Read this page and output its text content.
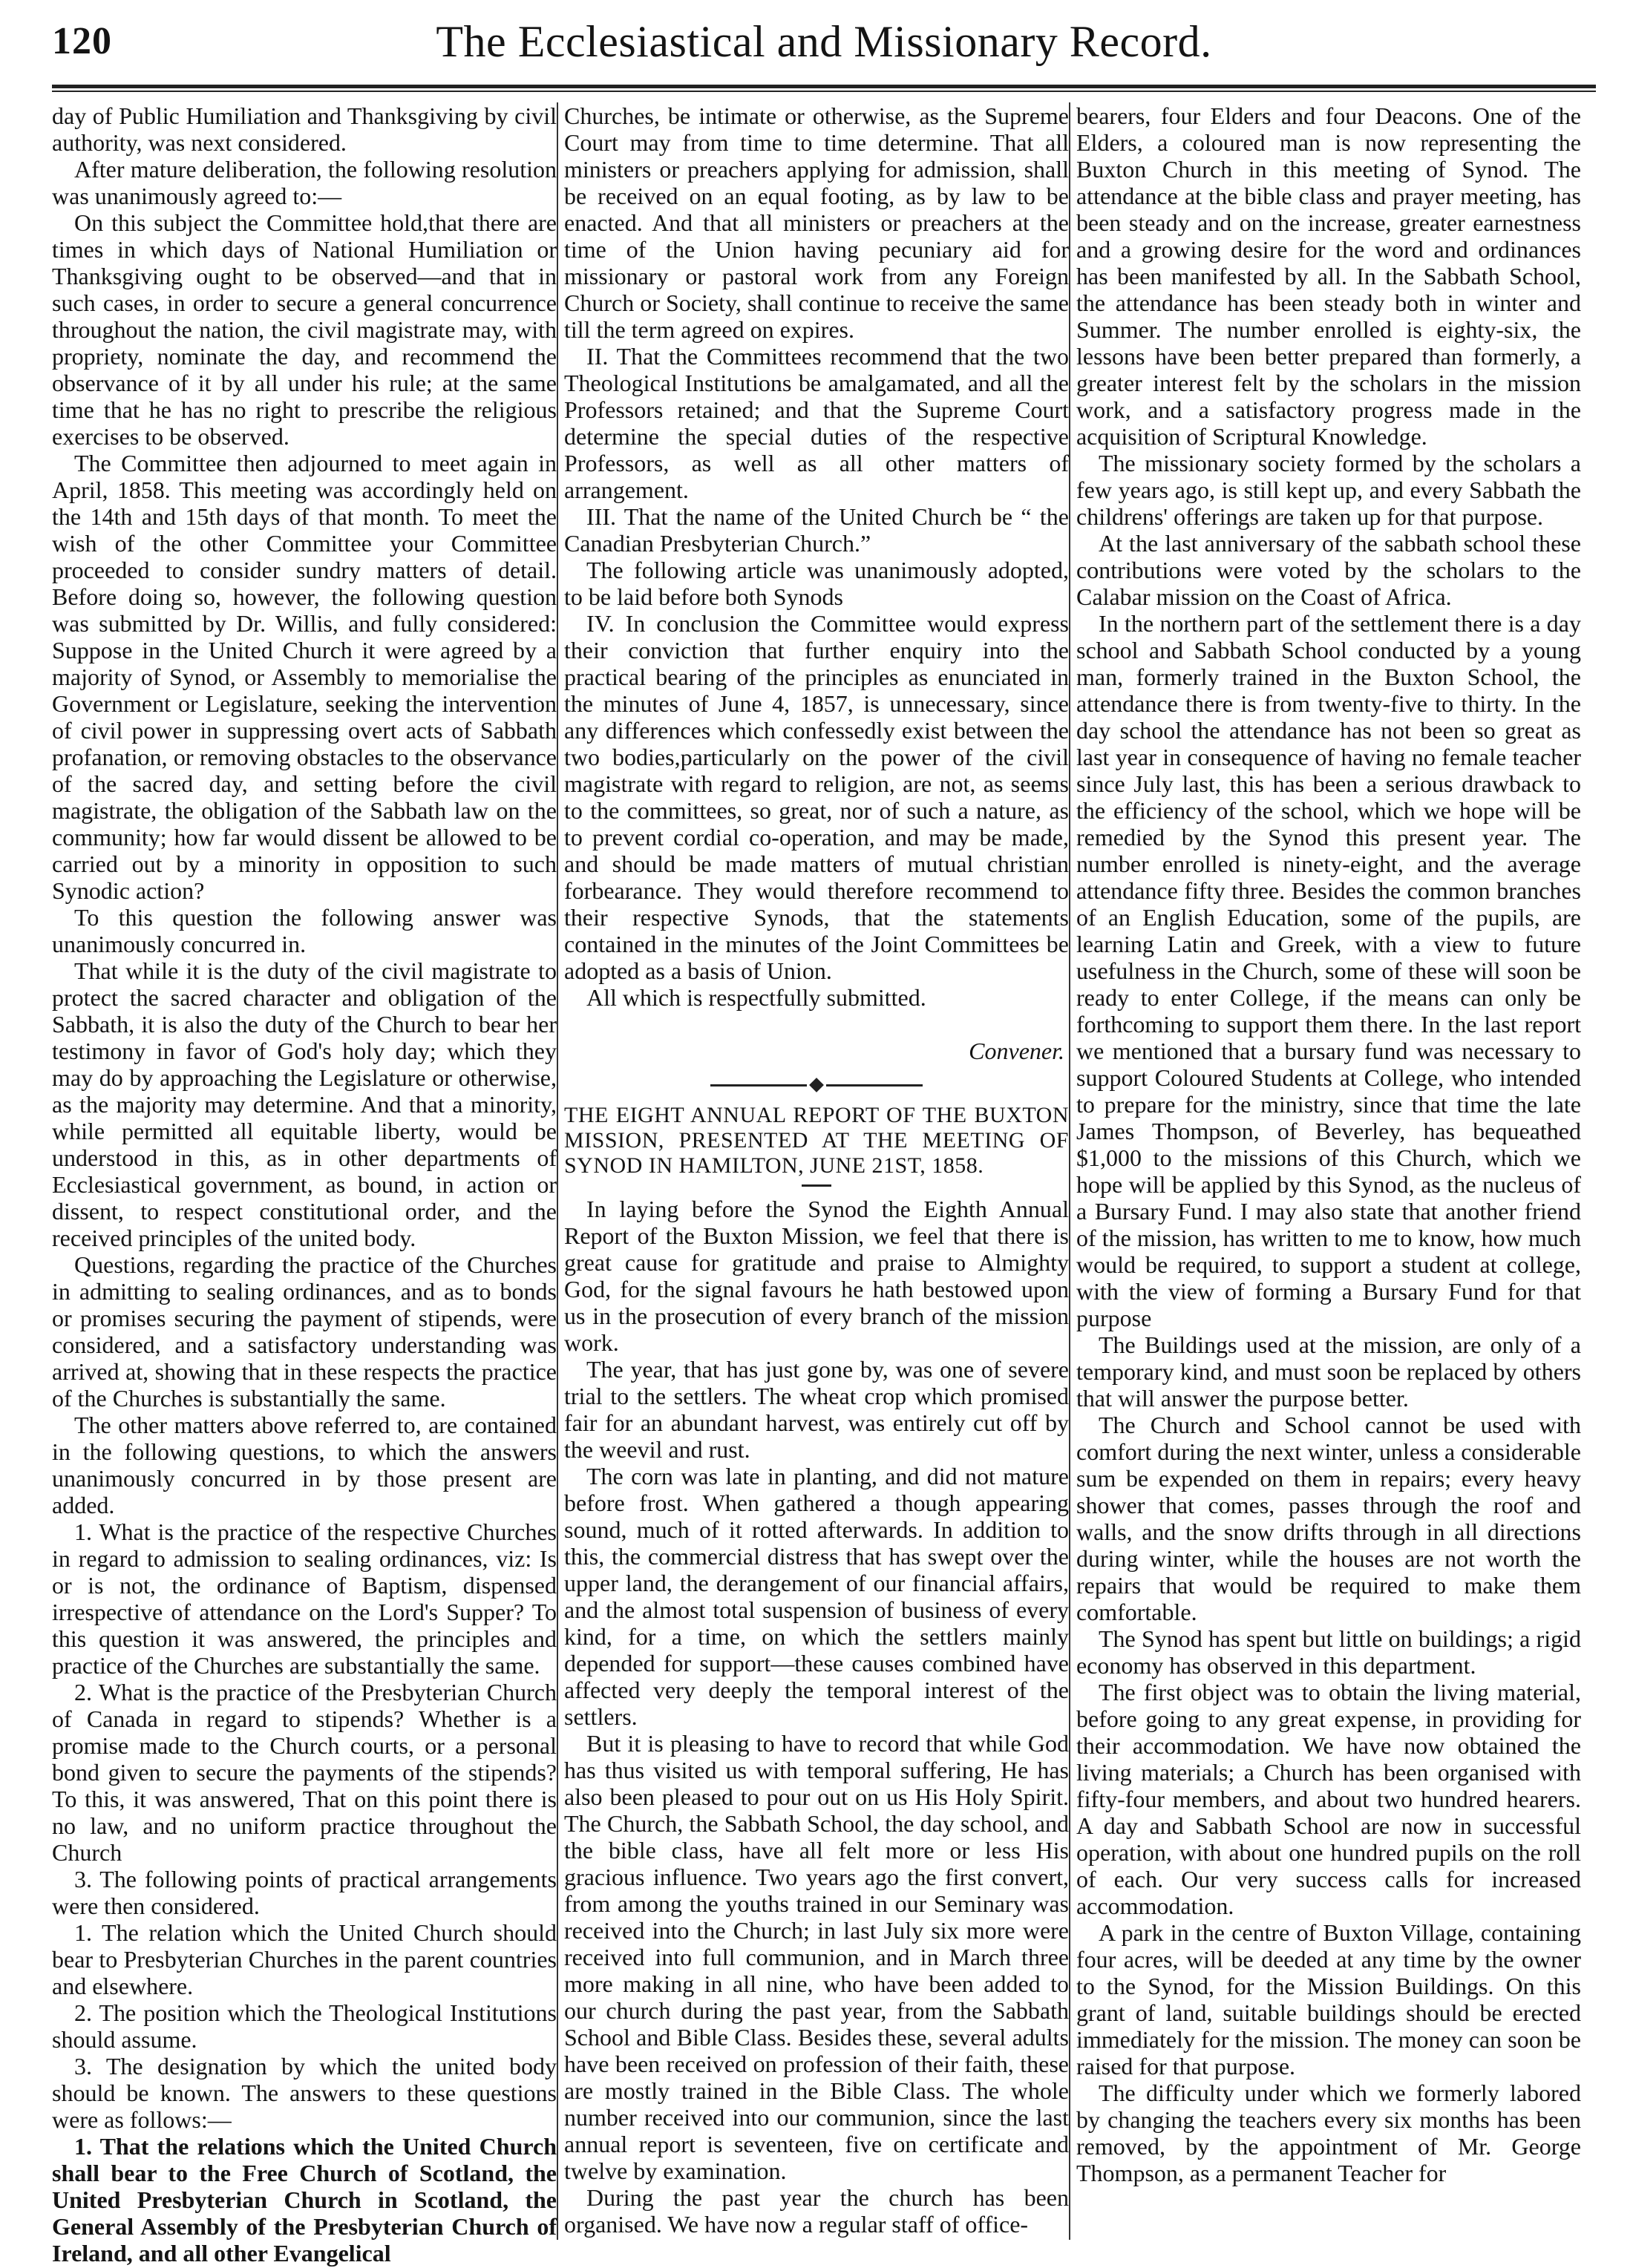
120	The Ecclesiastical and Missionary Record.

day of Public Humiliation and Thanksgiving by civil authority, was next considered.

After mature deliberation, the following resolution was unanimously agreed to:—

On this subject the Committee hold,that there are times in which days of National Humiliation or Thanksgiving ought to be observed—and that in such cases, in order to secure a general concurrence throughout the nation, the civil magistrate may, with propriety, nominate the day, and recommend the observance of it by all under his rule; at the same time that he has no right to prescribe the religious exercises to be observed.

The Committee then adjourned to meet again in April, 1858. This meeting was accordingly held on the 14th and 15th days of that month. To meet the wish of the other Committee your Committee proceeded to consider sundry matters of detail. Before doing so, however, the following question was submitted by Dr. Willis, and fully considered: Suppose in the United Church it were agreed by a majority of Synod, or Assembly to memorialise the Government or Legislature, seeking the intervention of civil power in suppressing overt acts of Sabbath profanation, or removing obstacles to the observance of the sacred day, and setting before the civil magistrate, the obligation of the Sabbath law on the community; how far would dissent be allowed to be carried out by a minority in opposition to such Synodic action?

To this question the following answer was unanimously concurred in.

That while it is the duty of the civil magistrate to protect the sacred character and obligation of the Sabbath, it is also the duty of the Church to bear her testimony in favor of God's holy day; which they may do by approaching the Legislature or otherwise, as the majority may determine. And that a minority, while permitted all equitable liberty, would be understood in this, as in other departments of Ecclesiastical government, as bound, in action or dissent, to respect constitutional order, and the received principles of the united body.

Questions, regarding the practice of the Churches in admitting to sealing ordinances, and as to bonds or promises securing the payment of stipends, were considered, and a satisfactory understanding was arrived at, showing that in these respects the practice of the Churches is substantially the same.

The other matters above referred to, are contained in the following questions, to which the answers unanimously concurred in by those present are added.

1. What is the practice of the respective Churches in regard to admission to sealing ordinances, viz: Is or is not, the ordinance of Baptism, dispensed irrespective of attendance on the Lord's Supper? To this question it was answered, the principles and practice of the Churches are substantially the same.

2. What is the practice of the Presbyterian Church of Canada in regard to stipends? Whether is a promise made to the Church courts, or a personal bond given to secure the payments of the stipends? To this, it was answered, That on this point there is no law, and no uniform practice throughout the Church

3. The following points of practical arrangements were then considered.

1. The relation which the United Church should bear to Presbyterian Churches in the parent countries and elsewhere.

2. The position which the Theological Institutions should assume.

3. The designation by which the united body should be known. The answers to these questions were as follows:—

1. That the relations which the United Church shall bear to the Free Church of Scotland, the United Presbyterian Church in Scotland, the General Assembly of the Presbyterian Church of Ireland, and all other Evangelical

Churches, be intimate or otherwise, as the Supreme Court may from time to time determine. That all ministers or preachers applying for admission, shall be received on an equal footing, as by law to be enacted. And that all ministers or preachers at the time of the Union having pecuniary aid for missionary or pastoral work from any Foreign Church or Society, shall continue to receive the same till the term agreed on expires.

II. That the Committees recommend that the two Theological Institutions be amalgamated, and all the Professors retained; and that the Supreme Court determine the special duties of the respective Professors, as well as all other matters of arrangement.

III. That the name of the United Church be “ the Canadian Presbyterian Church.”

The following article was unanimously adopted, to be laid before both Synods

IV. In conclusion the Committee would express their conviction that further enquiry into the practical bearing of the principles as enunciated in the minutes of June 4, 1857, is unnecessary, since any differences which confessedly exist between the two bodies,particularly on the power of the civil magistrate with regard to religion, are not, as seems to the committees, so great, nor of such a nature, as to prevent cordial co-operation, and may be made, and should be made matters of mutual christian forbearance. They would therefore recommend to their respective Synods, that the statements contained in the minutes of the Joint Committees be adopted as a basis of Union.

All which is respectfully submitted.

Convener.

THE EIGHT ANNUAL REPORT OF THE BUXTON MISSION, PRESENTED AT THE MEETING OF SYNOD IN HAMILTON, JUNE 21ST, 1858.

In laying before the Synod the Eighth Annual Report of the Buxton Mission, we feel that there is great cause for gratitude and praise to Almighty God, for the signal favours he hath bestowed upon us in the prosecution of every branch of the mission work.

The year, that has just gone by, was one of severe trial to the settlers. The wheat crop which promised fair for an abundant harvest, was entirely cut off by the weevil and rust.

The corn was late in planting, and did not mature before frost. When gathered a though appearing sound, much of it rotted afterwards. In addition to this, the commercial distress that has swept over the upper land, the derangement of our financial affairs, and the almost total suspension of business of every kind, for a time, on which the settlers mainly depended for support—these causes combined have affected very deeply the temporal interest of the settlers.

But it is pleasing to have to record that while God has thus visited us with temporal suffering, He has also been pleased to pour out on us His Holy Spirit. The Church, the Sabbath School, the day school, and the bible class, have all felt more or less His gracious influence. Two years ago the first convert, from among the youths trained in our Seminary was received into the Church; in last July six more were received into full communion, and in March three more making in all nine, who have been added to our church during the past year, from the Sabbath School and Bible Class. Besides these, several adults have been received on profession of their faith, these are mostly trained in the Bible Class. The whole number received into our communion, since the last annual report is seventeen, five on certificate and twelve by examination.

During the past year the church has been organised. We have now a regular staff of office-

bearers, four Elders and four Deacons. One of the Elders, a coloured man is now representing the Buxton Church in this meeting of Synod. The attendance at the bible class and prayer meeting, has been steady and on the increase, greater earnestness and a growing desire for the word and ordinances has been manifested by all. In the Sabbath School, the attendance has been steady both in winter and Summer. The number enrolled is eighty-six, the lessons have been better prepared than formerly, a greater interest felt by the scholars in the mission work, and a satisfactory progress made in the acquisition of Scriptural Knowledge.

The missionary society formed by the scholars a few years ago, is still kept up, and every Sabbath the childrens' offerings are taken up for that purpose.

At the last anniversary of the sabbath school these contributions were voted by the scholars to the Calabar mission on the Coast of Africa.

In the northern part of the settlement there is a day school and Sabbath School conducted by a young man, formerly trained in the Buxton School, the attendance there is from twenty-five to thirty. In the day school the attendance has not been so great as last year in consequence of having no female teacher since July last, this has been a serious drawback to the efficiency of the school, which we hope will be remedied by the Synod this present year. The number enrolled is ninety-eight, and the average attendance fifty three. Besides the common branches of an English Education, some of the pupils, are learning Latin and Greek, with a view to future usefulness in the Church, some of these will soon be ready to enter College, if the means can only be forthcoming to support them there. In the last report we mentioned that a bursary fund was necessary to support Coloured Students at College, who intended to prepare for the ministry, since that time the late James Thompson, of Beverley, has bequeathed $1,000 to the missions of this Church, which we hope will be applied by this Synod, as the nucleus of a Bursary Fund. I may also state that another friend of the mission, has written to me to know, how much would be required, to support a student at college, with the view of forming a Bursary Fund for that purpose

The Buildings used at the mission, are only of a temporary kind, and must soon be replaced by others that will answer the purpose better.

The Church and School cannot be used with comfort during the next winter, unless a considerable sum be expended on them in repairs; every heavy shower that comes, passes through the roof and walls, and the snow drifts through in all directions during winter, while the houses are not worth the repairs that would be required to make them comfortable.

The Synod has spent but little on buildings; a rigid economy has observed in this department.

The first object was to obtain the living material, before going to any great expense, in providing for their accommodation. We have now obtained the living materials; a Church has been organised with fifty-four members, and about two hundred hearers. A day and Sabbath School are now in successful operation, with about one hundred pupils on the roll of each. Our very success calls for increased accommodation.

A park in the centre of Buxton Village, containing four acres, will be deeded at any time by the owner to the Synod, for the Mission Buildings. On this grant of land, suitable buildings should be erected immediately for the mission. The money can soon be raised for that purpose.

The difficulty under which we formerly labored by changing the teachers every six months has been removed, by the appointment of Mr. George Thompson, as a permanent Teacher for
